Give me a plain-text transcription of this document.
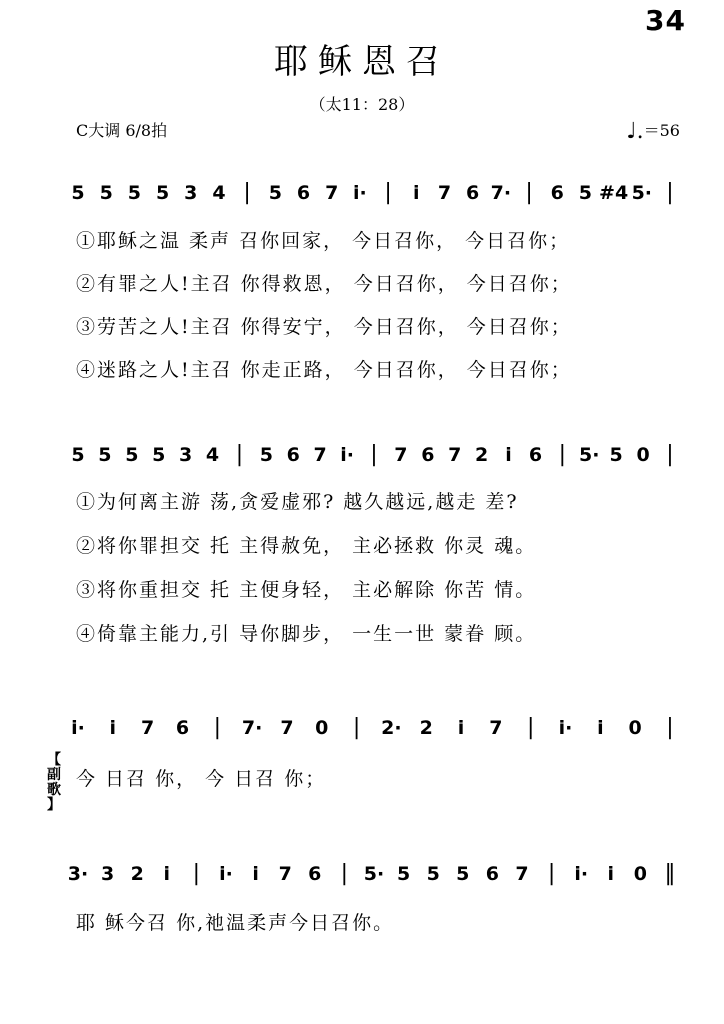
34
耶稣恩召
（太11：28）
C大调 6/8拍	♩.＝56
5 5 5 5 3 4 | 5 6 7 i· | i 7 6 7· | 6 5 #4 5· |
①耶稣之温 柔声 召你回家， 今日召你， 今日召你；
②有罪之人!主召 你得救恩， 今日召你， 今日召你；
③劳苦之人!主召 你得安宁， 今日召你， 今日召你；
④迷路之人!主召 你走正路， 今日召你， 今日召你；
5 5 5 5 3 4 | 5 6 7 i· | 7 6 7 2 i 6 | 5· 5 0 |
①为何离主游 荡,贪爱虚邪? 越久越远,越走 差?
②将你罪担交 托 主得赦免， 主必拯救 你灵 魂。
③将你重担交 托 主便身轻， 主必解除 你苦 情。
④倚靠主能力,引 导你脚步， 一生一世 蒙眷 顾。
i· i 7 6 | 7· 7 0 | 2· 2 i 7 | i· i 0 |
【
副
歌
】
今 日召 你， 今 日召 你；
3· 3 2 i | i· i 7 6 | 5· 5 5 5 6 7 | i· i 0 ‖
耶 稣今召 你,祂温柔声今日召你。
